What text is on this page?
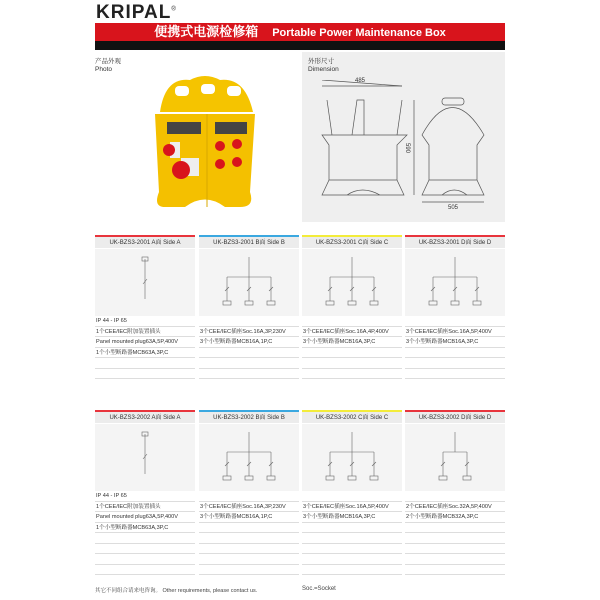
KRIPAL®
便携式电源检修箱 Portable Power Maintenance Box
产品外观
Photo
外形尺寸
Dimension
485
590
505
UK-BZS3-2001 A面 Side A
IP 44 - IP 65
1个CEE/IEC附加装置插头
Panel mounted plug63A,5P,400V
1个小型断路器MCB63A,3P,C
UK-BZS3-2001 B面 Side B
3个CEE/IEC插座Soc.16A,3P,230V
3个小型断路器MCB16A,1P,C
UK-BZS3-2001 C面 Side C
3个CEE/IEC插座Soc.16A,4P,400V
3个小型断路器MCB16A,3P,C
UK-BZS3-2001 D面 Side D
3个CEE/IEC插座Soc.16A,5P,400V
3个小型断路器MCB16A,3P,C
UK-BZS3-2002 A面 Side A
IP 44 - IP 65
1个CEE/IEC附加装置插头
Panel mounted plug63A,5P,400V
1个小型断路器MCB63A,3P,C
UK-BZS3-2002 B面 Side B
3个CEE/IEC插座Soc.16A,3P,230V
3个小型断路器MCB16A,1P,C
UK-BZS3-2002 C面 Side C
3个CEE/IEC插座Soc.16A,5P,400V
3个小型断路器MCB16A,3P,C
UK-BZS3-2002 D面 Side D
2个CEE/IEC插座Soc.32A,5P,400V
2个小型断路器MCB32A,3P,C
其它不同组合请来电咨询。 Other requirements, please contact us.	Soc.=Socket
